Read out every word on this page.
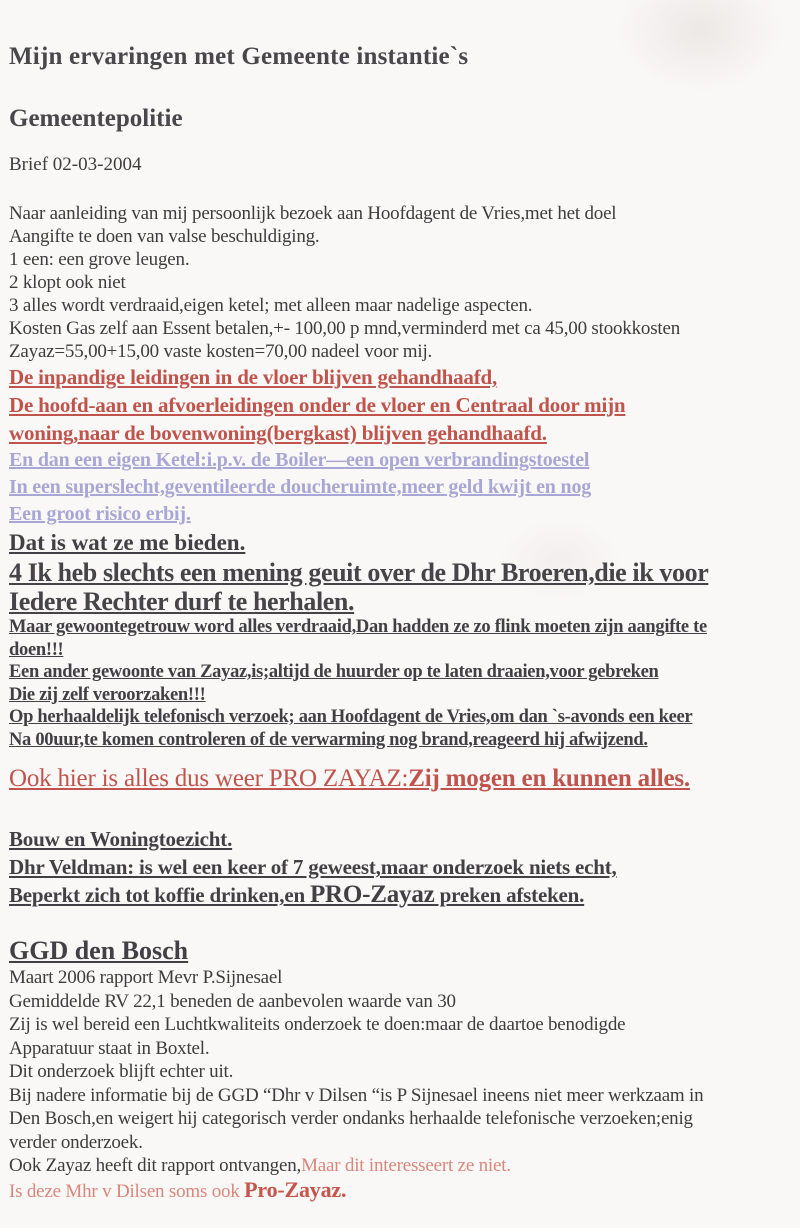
Mijn ervaringen met Gemeente instantie`s
Gemeentepolitie
Brief 02-03-2004
Naar aanleiding van mij persoonlijk bezoek aan Hoofdagent de Vries,met het doel
Aangifte te doen van valse beschuldiging.
1 een: een grove leugen.
2 klopt ook niet
3 alles wordt verdraaid,eigen ketel; met alleen maar nadelige aspecten.
Kosten Gas zelf aan Essent betalen,+- 100,00 p mnd,verminderd met ca 45,00 stookkosten
Zayaz=55,00+15,00 vaste kosten=70,00 nadeel voor mij.
De inpandige leidingen in de vloer blijven gehandhaafd,
De hoofd-aan en afvoerleidingen onder de vloer en Centraal door mijn
woning,naar de bovenwoning(bergkast) blijven gehandhaafd.
En dan een eigen Ketel:i.p.v. de Boiler—een open verbrandingstoestel
In een superslecht,geventileerde doucheruimte,meer geld kwijt en nog
Een groot risico erbij.
Dat is wat ze me bieden.
4 Ik heb slechts een mening geuit over de Dhr Broeren,die ik voor
Iedere Rechter durf te herhalen.
Maar gewoontegetrouw word alles verdraaid,Dan hadden ze zo flink moeten zijn aangifte te
doen!!!
Een ander gewoonte van Zayaz,is;altijd de huurder op te laten draaien,voor gebreken
Die zij zelf veroorzaken!!!
Op herhaaldelijk telefonisch verzoek; aan Hoofdagent de Vries,om dan `s-avonds een keer
Na 00uur,te komen controleren of de verwarming nog brand,reageerd hij afwijzend.
Ook hier is alles dus weer PRO ZAYAZ:Zij mogen en kunnen alles.
Bouw en Woningtoezicht.
Dhr Veldman: is wel een keer of 7 geweest,maar onderzoek niets echt,
Beperkt zich tot koffie drinken,en PRO-Zayaz preken afsteken.
GGD den Bosch
Maart 2006 rapport Mevr P.Sijnesael
Gemiddelde RV 22,1 beneden de aanbevolen waarde van 30
Zij is wel bereid een Luchtkwaliteits onderzoek te doen:maar de daartoe benodigde
Apparatuur staat in Boxtel.
Dit onderzoek blijft echter uit.
Bij nadere informatie bij de GGD “Dhr v Dilsen “is P Sijnesael ineens niet meer werkzaam in
Den Bosch,en weigert hij categorisch verder ondanks herhaalde telefonische verzoeken;enig
verder onderzoek.
Ook Zayaz heeft dit rapport ontvangen,Maar dit interesseert ze niet.
Is deze Mhr v Dilsen soms ook Pro-Zayaz.
